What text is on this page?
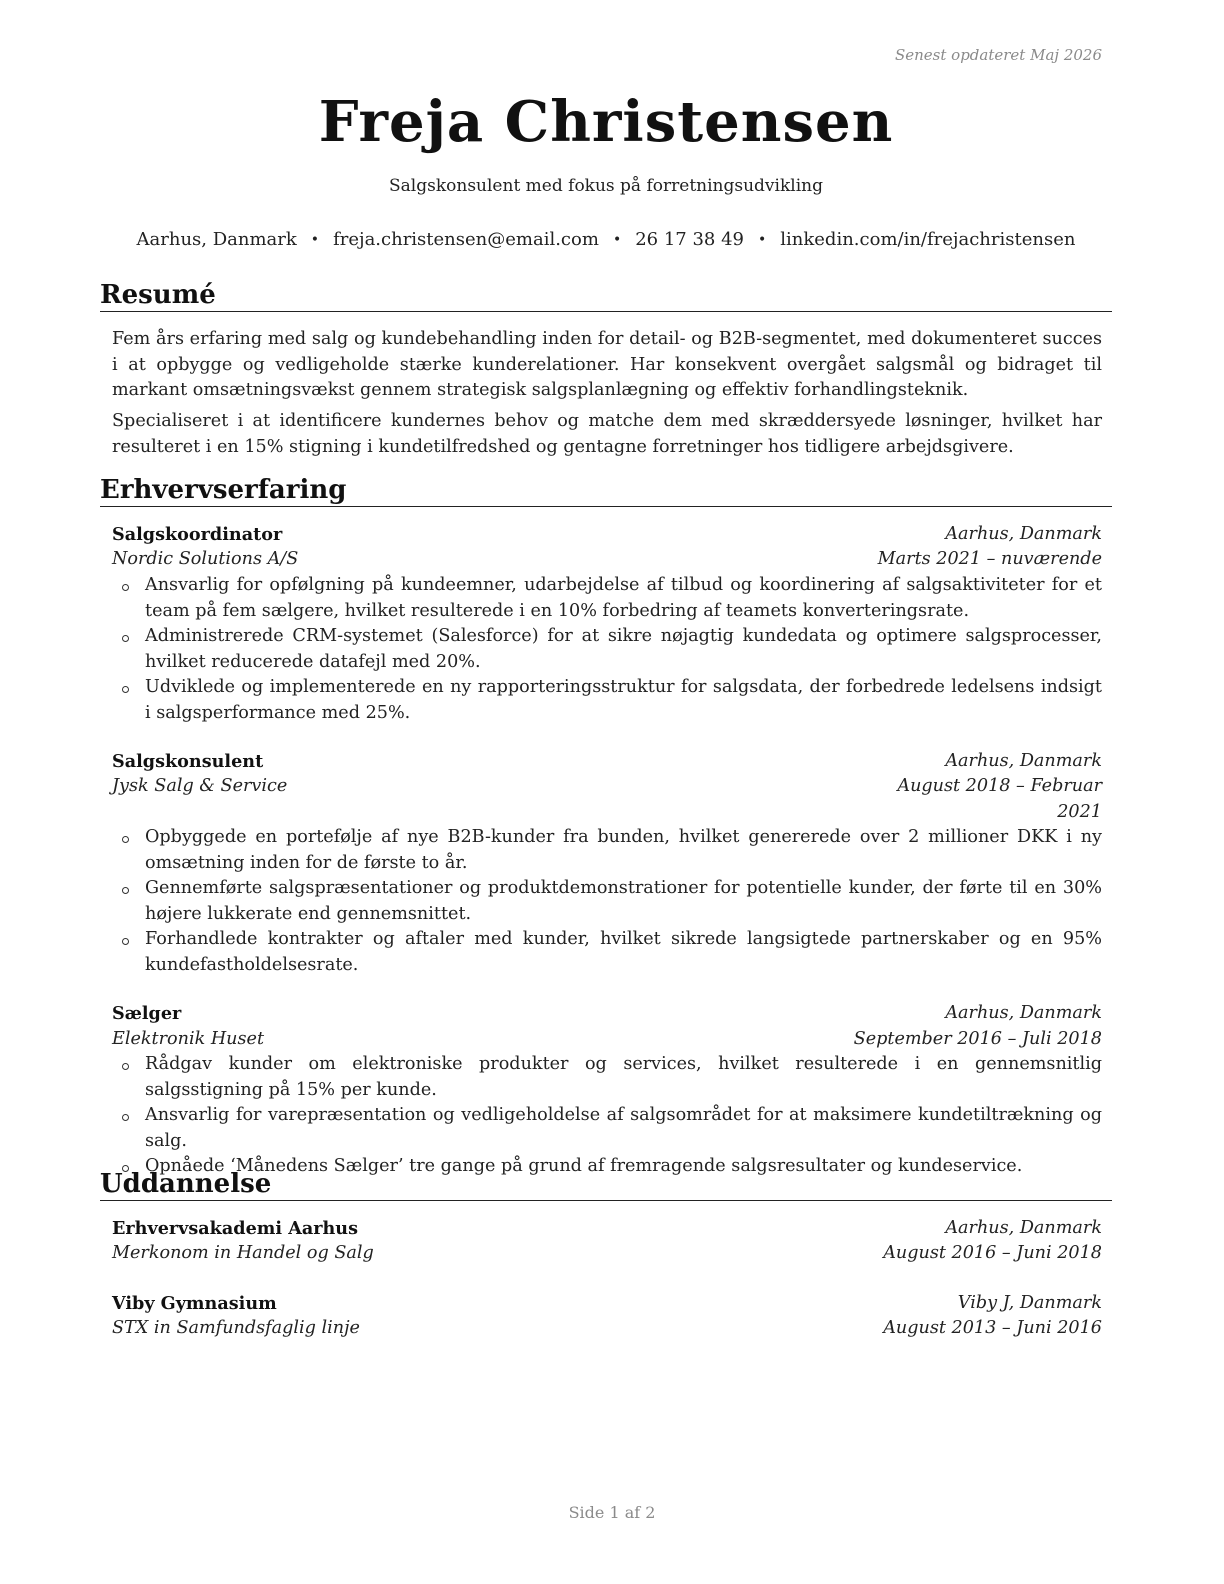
Senest opdateret Maj 2026
Freja Christensen
Salgskonsulent med fokus på forretningsudvikling
Aarhus, Danmark • freja.christensen@email.com • 26 17 38 49 • linkedin.com/in/frejachristensen
Resumé
Fem års erfaring med salg og kundebehandling inden for detail- og B2B-segmentet, med dokumenteret succes i at opbygge og vedligeholde stærke kunderelationer. Har konsekvent overgået salgsmål og bidraget til markant omsætningsvækst gennem strategisk salgsplanlægning og effektiv forhandlingsteknik.
Specialiseret i at identificere kundernes behov og matche dem med skræddersyede løsninger, hvilket har resulteret i en 15% stigning i kundetilfredshed og gentagne forretninger hos tidligere arbejdsgivere.
Erhvervserfaring
Salgskoordinator	Aarhus, Danmark
Nordic Solutions A/S	Marts 2021 – nuværende
Ansvarlig for opfølgning på kundeemner, udarbejdelse af tilbud og koordinering af salgsaktiviteter for et team på fem sælgere, hvilket resulterede i en 10% forbedring af teamets konverteringsrate.
Administrerede CRM-systemet (Salesforce) for at sikre nøjagtig kundedata og optimere salgsprocesser, hvilket reducerede datafejl med 20%.
Udviklede og implementerede en ny rapporteringsstruktur for salgsdata, der forbedrede ledelsens indsigt i salgsperformance med 25%.
Salgskonsulent	Aarhus, Danmark
Jysk Salg & Service	August 2018 – Februar
2021
Opbyggede en portefølje af nye B2B-kunder fra bunden, hvilket genererede over 2 millioner DKK i ny omsætning inden for de første to år.
Gennemførte salgspræsentationer og produktdemonstrationer for potentielle kunder, der førte til en 30% højere lukkerate end gennemsnittet.
Forhandlede kontrakter og aftaler med kunder, hvilket sikrede langsigtede partnerskaber og en 95% kundefastholdelsesrate.
Sælger	Aarhus, Danmark
Elektronik Huset	September 2016 – Juli 2018
Rådgav kunder om elektroniske produkter og services, hvilket resulterede i en gennemsnitlig salgsstigning på 15% per kunde.
Ansvarlig for varepræsentation og vedligeholdelse af salgsområdet for at maksimere kundetiltrækning og salg.
Opnåede ‘Månedens Sælger’ tre gange på grund af fremragende salgsresultater og kundeservice.
Uddannelse
Erhvervsakademi Aarhus	Aarhus, Danmark
Merkonom in Handel og Salg	August 2016 – Juni 2018
Viby Gymnasium	Viby J, Danmark
STX in Samfundsfaglig linje	August 2013 – Juni 2016
Side 1 af 2
